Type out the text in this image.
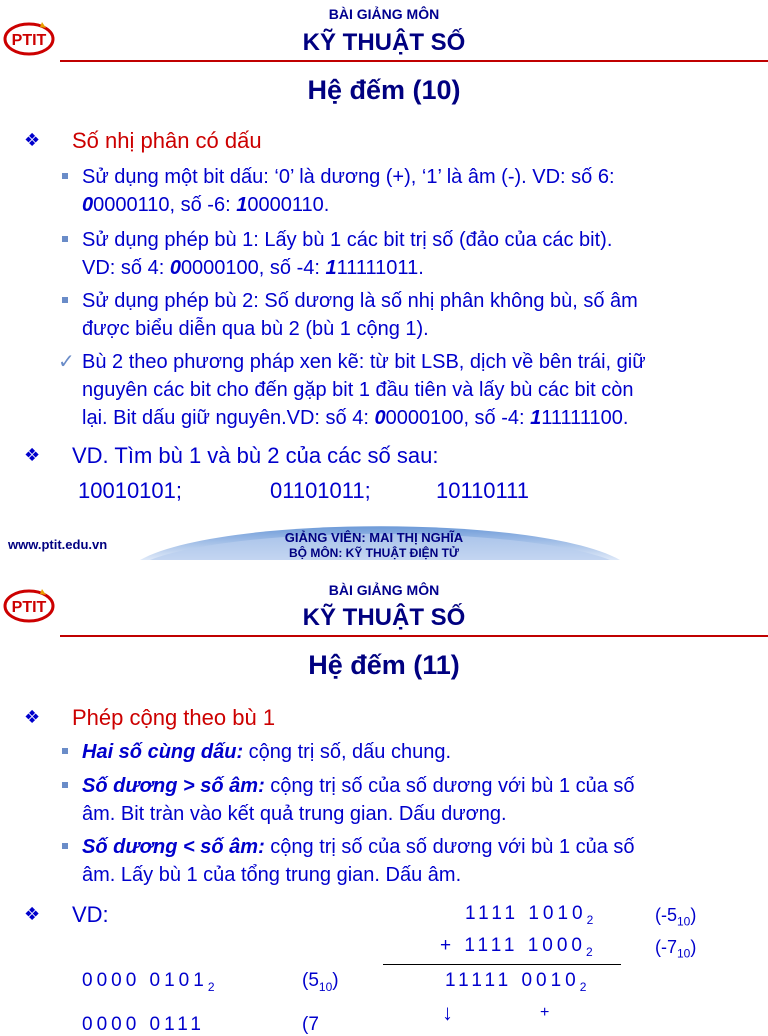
PTIT
BÀI GIẢNG MÔN
KỸ THUẬT SỐ
Hệ đếm (10)
❖	Số nhị phân có dấu
Sử dụng một bit dấu: ‘0’ là dương (+), ‘1’ là âm (-). VD: số 6:
00000110, số -6: 10000110.
Sử dụng phép bù 1: Lấy bù 1 các bit trị số (đảo của các bit).
VD: số 4: 00000100, số -4: 111111011.
Sử dụng phép bù 2: Số dương là số nhị phân không bù, số âm
được biểu diễn qua bù 2 (bù 1 cộng 1).
✓ Bù 2 theo phương pháp xen kẽ: từ bit LSB, dịch về bên trái, giữ
nguyên các bit cho đến gặp bit 1 đầu tiên và lấy bù các bit còn
lại. Bit dấu giữ nguyên.VD: số 4: 00000100, số -4: 111111100.
❖	VD. Tìm bù 1 và bù 2 của các số sau:
10010101;	01101011;	10110111
www.ptit.edu.vn	GIẢNG VIÊN: MAI THỊ NGHĨA
BỘ MÔN: KỸ THUẬT ĐIỆN TỬ
PTIT
BÀI GIẢNG MÔN
KỸ THUẬT SỐ
Hệ đếm (11)
❖	Phép cộng theo bù 1
Hai số cùng dấu: cộng trị số, dấu chung.
Số dương > số âm: cộng trị số của số dương với bù 1 của số
âm. Bit tràn vào kết quả trung gian. Dấu dương.
Số dương < số âm: cộng trị số của số dương với bù 1 của số
âm. Lấy bù 1 của tổng trung gian. Dấu âm.
❖	VD:	1111 $1010_2$	$(-5_{10})$
+ 1111 $1000_2$	$(-7_{10})$
11111 $0010_2$
0000 $0101_2$	$(5_{10})$
↓	+
0000 0111	(7
